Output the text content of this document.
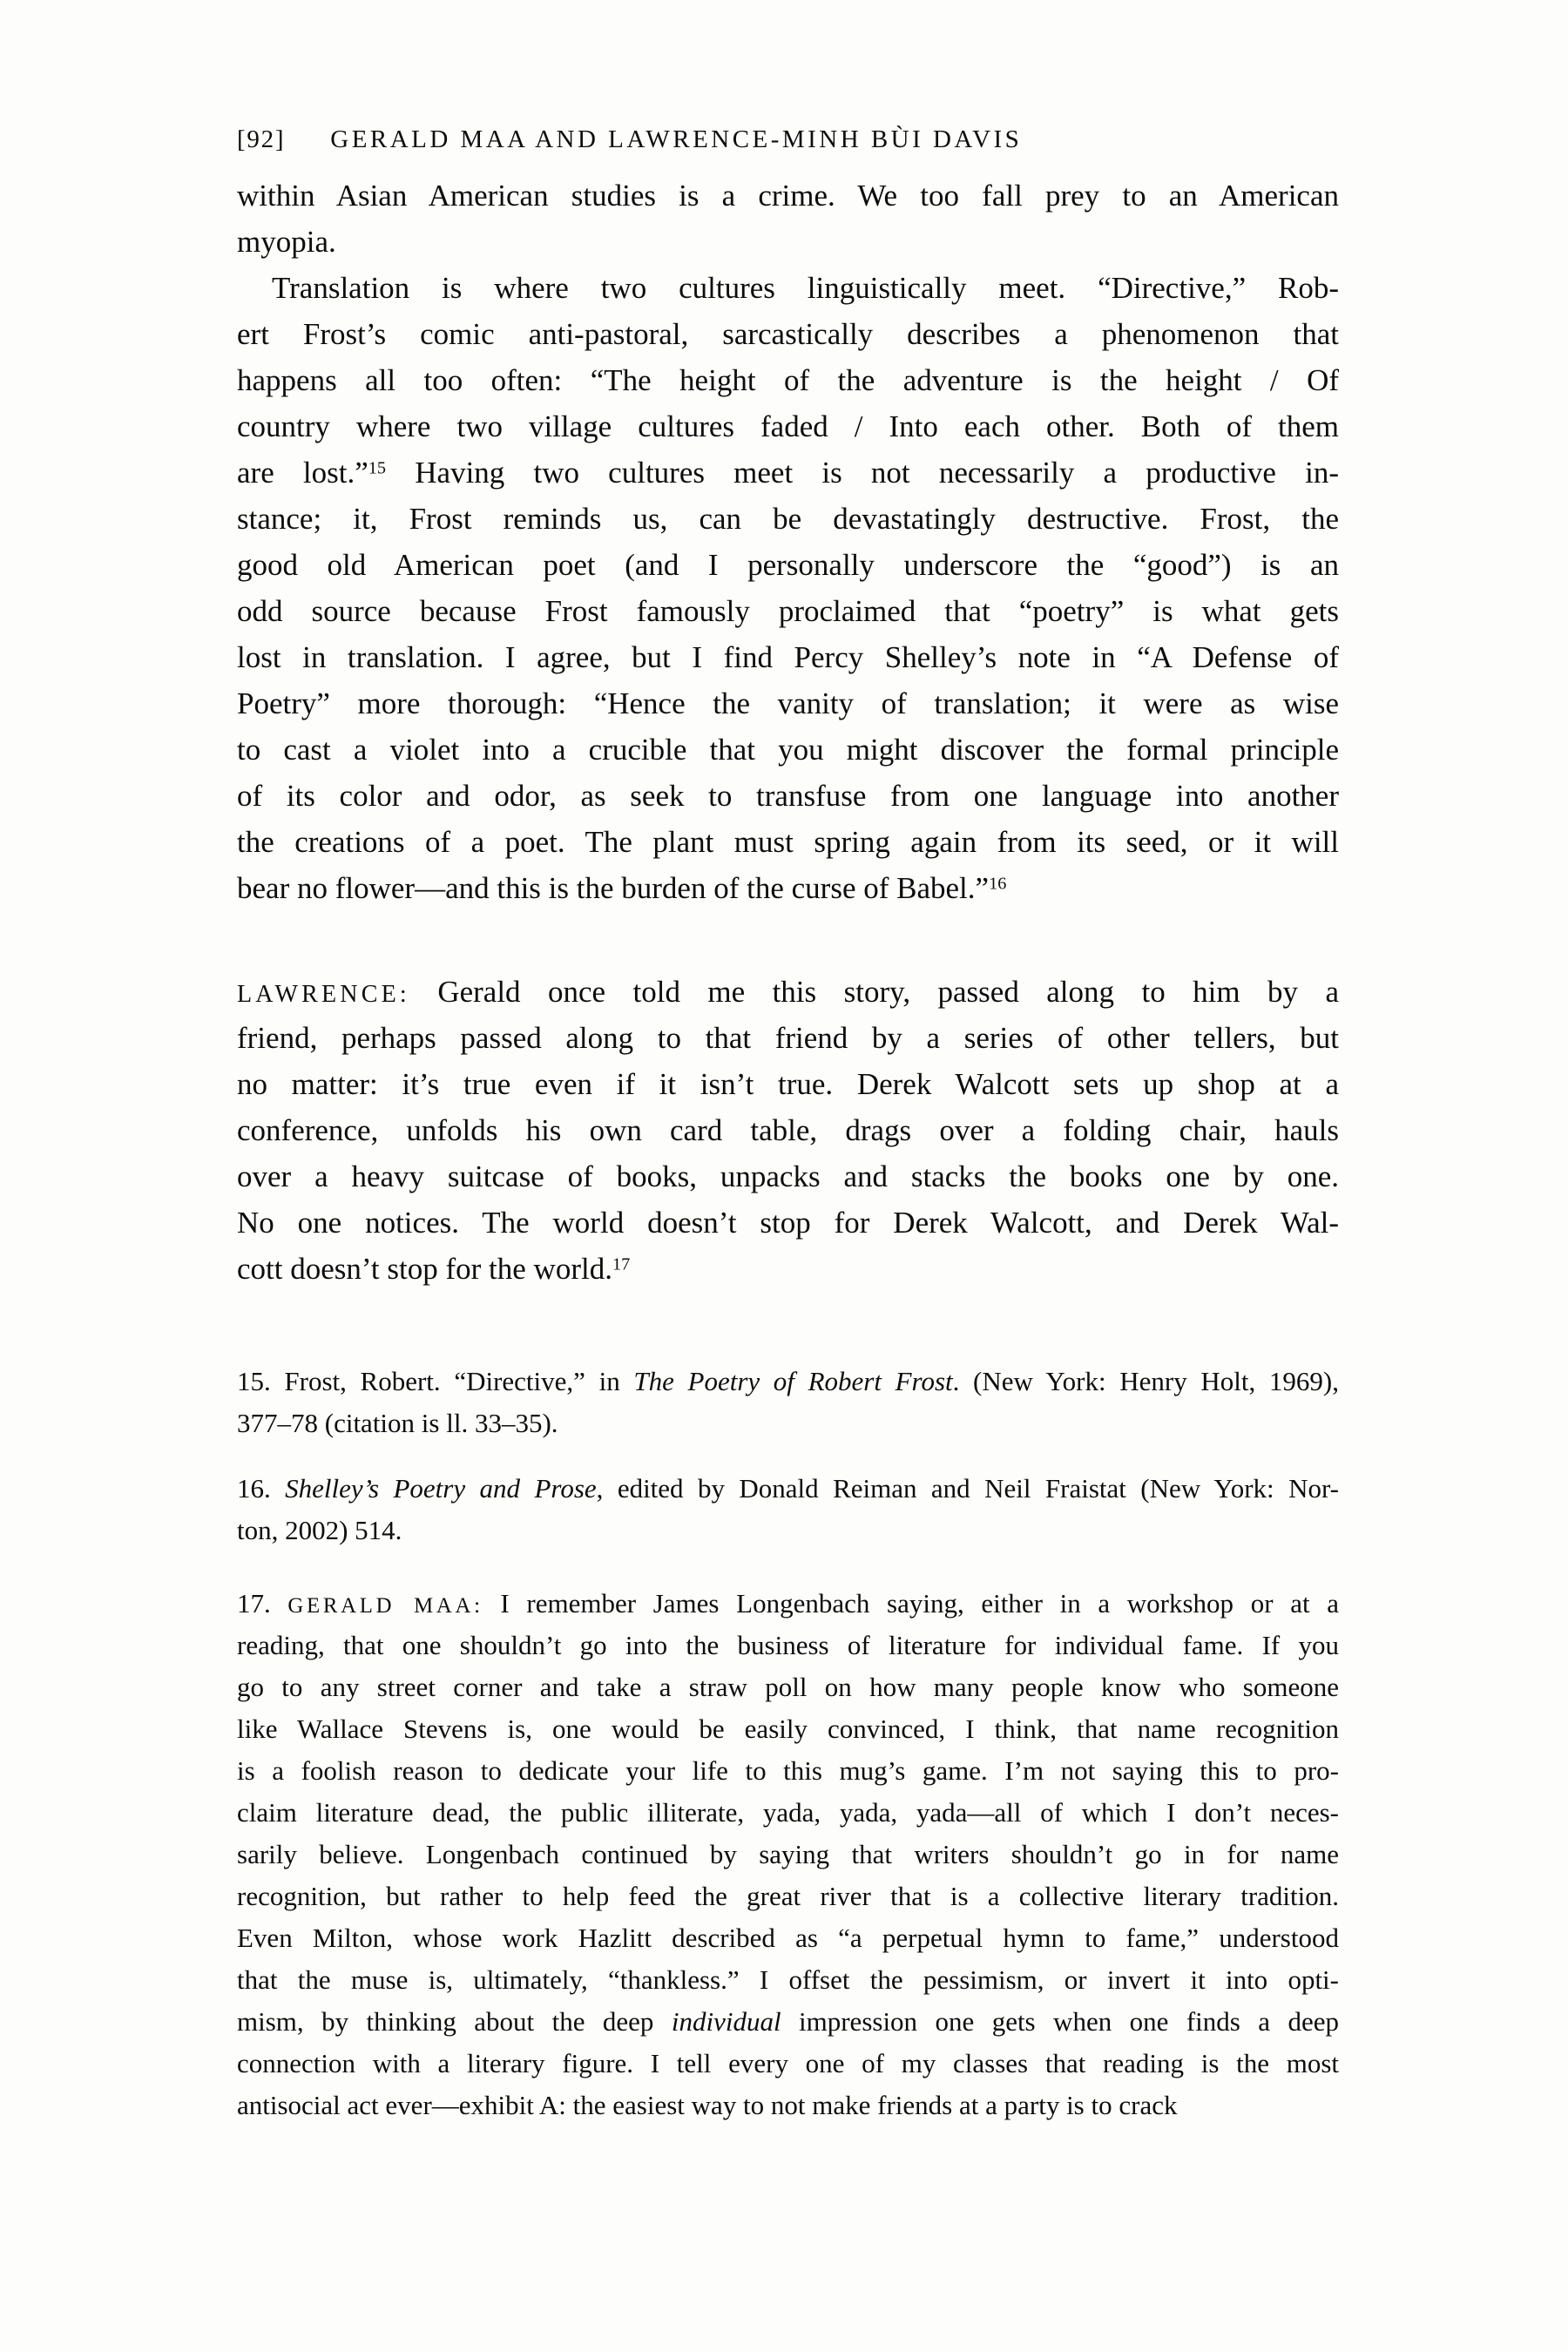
[92] GERALD MAA AND LAWRENCE-MINH BÙI DAVIS
within Asian American studies is a crime. We too fall prey to an American
myopia.
Translation is where two cultures linguistically meet. “Directive,” Rob-
ert Frost’s comic anti-pastoral, sarcastically describes a phenomenon that
happens all too often: “The height of the adventure is the height / Of
country where two village cultures faded / Into each other. Both of them
are lost.”$^{15}$ Having two cultures meet is not necessarily a productive in-
stance; it, Frost reminds us, can be devastatingly destructive. Frost, the
good old American poet (and I personally underscore the “good”) is an
odd source because Frost famously proclaimed that “poetry” is what gets
lost in translation. I agree, but I find Percy Shelley’s note in “A Defense of
Poetry” more thorough: “Hence the vanity of translation; it were as wise
to cast a violet into a crucible that you might discover the formal principle
of its color and odor, as seek to transfuse from one language into another
the creations of a poet. The plant must spring again from its seed, or it will
bear no flower—and this is the burden of the curse of Babel.”$^{16}$
LAWRENCE: Gerald once told me this story, passed along to him by a
friend, perhaps passed along to that friend by a series of other tellers, but
no matter: it’s true even if it isn’t true. Derek Walcott sets up shop at a
conference, unfolds his own card table, drags over a folding chair, hauls
over a heavy suitcase of books, unpacks and stacks the books one by one.
No one notices. The world doesn’t stop for Derek Walcott, and Derek Wal-
cott doesn’t stop for the world.$^{17}$
15. Frost, Robert. “Directive,” in The Poetry of Robert Frost. (New York: Henry Holt, 1969),
377–78 (citation is ll. 33–35).
16. Shelley’s Poetry and Prose, edited by Donald Reiman and Neil Fraistat (New York: Nor-
ton, 2002) 514.
17. GERALD MAA: I remember James Longenbach saying, either in a workshop or at a
reading, that one shouldn’t go into the business of literature for individual fame. If you
go to any street corner and take a straw poll on how many people know who someone
like Wallace Stevens is, one would be easily convinced, I think, that name recognition
is a foolish reason to dedicate your life to this mug’s game. I’m not saying this to pro-
claim literature dead, the public illiterate, yada, yada, yada—all of which I don’t neces-
sarily believe. Longenbach continued by saying that writers shouldn’t go in for name
recognition, but rather to help feed the great river that is a collective literary tradition.
Even Milton, whose work Hazlitt described as “a perpetual hymn to fame,” understood
that the muse is, ultimately, “thankless.” I offset the pessimism, or invert it into opti-
mism, by thinking about the deep individual impression one gets when one finds a deep
connection with a literary figure. I tell every one of my classes that reading is the most
antisocial act ever—exhibit A: the easiest way to not make friends at a party is to crack
